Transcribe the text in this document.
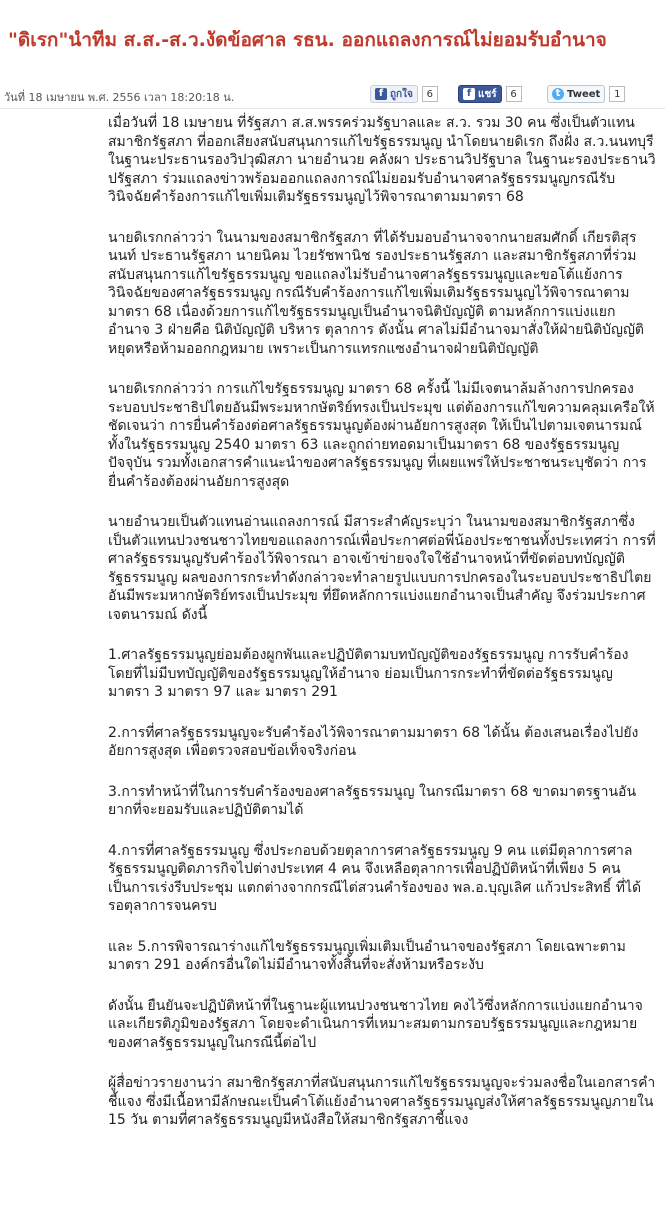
"ดิเรก"นำทีม ส.ส.-ส.ว.งัดข้อศาล รธน. ออกแถลงการณ์ไม่ยอมรับอำนาจ
วันที่ 18 เมษายน พ.ศ. 2556 เวลา 18:20:18 น.	f ถูกใจ	6	f แชร์	6	t Tweet	1

เมื่อวันที่ 18 เมษายน ที่รัฐสภา ส.ส.พรรคร่วมรัฐบาลและ ส.ว. รวม 30 คน ซึ่งเป็นตัวแทนสมาชิกรัฐสภา ที่ออกเสียงสนับสนุนการแก้ไขรัฐธรรมนูญ นำโดยนายดิเรก ถึงฝั่ง ส.ว.นนทบุรี ในฐานะประธานรองวิปวุฒิสภา นายอำนวย คลังผา ประธานวิปรัฐบาล ในฐานะรองประธานวิปรัฐสภา ร่วมแถลงข่าวพร้อมออกแถลงการณ์ไม่ยอมรับอำนาจศาลรัฐธรรมนูญกรณีรับวินิจฉัยคำร้องการแก้ไขเพิ่มเติมรัฐธรรมนูญไว้พิจารณาตามมาตรา 68

นายดิเรกกล่าวว่า ในนามของสมาชิกรัฐสภา ที่ได้รับมอบอำนาจจากนายสมศักดิ์ เกียรติสุรนนท์ ประธานรัฐสภา นายนิคม ไวยรัชพานิช รองประธานรัฐสภา และสมาชิกรัฐสภาที่ร่วมสนับสนุนการแก้ไขรัฐธรรมนูญ ขอแถลงไม่รับอำนาจศาลรัฐธรรมนูญและขอโต้แย้งการวินิจฉัยของศาลรัฐธรรมนูญ กรณีรับคำร้องการแก้ไขเพิ่มเติมรัฐธรรมนูญไว้พิจารณาตามมาตรา 68 เนื่องด้วยการแก้ไขรัฐธรรมนูญเป็นอำนาจนิติบัญญัติ ตามหลักการแบ่งแยกอำนาจ 3 ฝ่ายคือ นิติบัญญัติ บริหาร ตุลาการ ดังนั้น ศาลไม่มีอำนาจมาสั่งให้ฝ่ายนิติบัญญัติหยุดหรือห้ามออกกฎหมาย เพราะเป็นการแทรกแซงอำนาจฝ่ายนิติบัญญัติ

นายดิเรกกล่าวว่า การแก้ไขรัฐธรรมนูญ มาตรา 68 ครั้งนี้ ไม่มีเจตนาล้มล้างการปกครองระบอบประชาธิปไตยอันมีพระมหากษัตริย์ทรงเป็นประมุข แต่ต้องการแก้ไขความคลุมเครือให้ชัดเจนว่า การยื่นคำร้องต่อศาลรัฐธรรมนูญต้องผ่านอัยการสูงสุด ให้เป็นไปตามเจตนารมณ์ ทั้งในรัฐธรรมนูญ 2540 มาตรา 63 และถูกถ่ายทอดมาเป็นมาตรา 68 ของรัฐธรรมนูญปัจจุบัน รวมทั้งเอกสารคำแนะนำของศาลรัฐธรรมนูญ ที่เผยแพร่ให้ประชาชนระบุชัดว่า การยื่นคำร้องต้องผ่านอัยการสูงสุด

นายอำนวยเป็นตัวแทนอ่านแถลงการณ์ มีสาระสำคัญระบุว่า ในนามของสมาชิกรัฐสภาซึ่งเป็นตัวแทนปวงชนชาวไทยขอแถลงการณ์เพื่อประกาศต่อพี่น้องประชาชนทั้งประเทศว่า การที่ศาลรัฐธรรมนูญรับคำร้องไว้พิจารณา อาจเข้าข่ายจงใจใช้อำนาจหน้าที่ขัดต่อบทบัญญัติรัฐธรรมนูญ ผลของการกระทำดังกล่าวจะทำลายรูปแบบการปกครองในระบอบประชาธิปไตยอันมีพระมหากษัตริย์ทรงเป็นประมุข ที่ยึดหลักการแบ่งแยกอำนาจเป็นสำคัญ จึงร่วมประกาศเจตนารมณ์ ดังนี้

1.ศาลรัฐธรรมนูญย่อมต้องผูกพันและปฏิบัติตามบทบัญญัติของรัฐธรรมนูญ การรับคำร้องโดยที่ไม่มีบทบัญญัติของรัฐธรรมนูญให้อำนาจ ย่อมเป็นการกระทำที่ขัดต่อรัฐธรรมนูญ มาตรา 3 มาตรา 97 และ มาตรา 291

2.การที่ศาลรัฐธรรมนูญจะรับคำร้องไว้พิจารณาตามมาตรา 68 ได้นั้น ต้องเสนอเรื่องไปยังอัยการสูงสุด เพื่อตรวจสอบข้อเท็จจริงก่อน

3.การทำหน้าที่ในการรับคำร้องของศาลรัฐธรรมนูญ ในกรณีมาตรา 68 ขาดมาตรฐานอันยากที่จะยอมรับและปฏิบัติตามได้

4.การที่ศาลรัฐธรรมนูญ ซึ่งประกอบด้วยตุลาการศาลรัฐธรรมนูญ 9 คน แต่มีตุลาการศาลรัฐธรรมนูญติดภารกิจไปต่างประเทศ 4 คน จึงเหลือตุลาการเพื่อปฏิบัติหน้าที่เพียง 5 คน เป็นการเร่งรีบประชุม แตกต่างจากกรณีไต่สวนคำร้องของ พล.อ.บุญเลิศ แก้วประสิทธิ์ ที่ได้รอตุลาการจนครบ

และ 5.การพิจารณาร่างแก้ไขรัฐธรรมนูญเพิ่มเติมเป็นอำนาจของรัฐสภา โดยเฉพาะตามมาตรา 291 องค์กรอื่นใดไม่มีอำนาจทั้งสิ้นที่จะสั่งห้ามหรือระงับ

ดังนั้น ยืนยันจะปฏิบัติหน้าที่ในฐานะผู้แทนปวงชนชาวไทย คงไว้ซึ่งหลักการแบ่งแยกอำนาจและเกียรติภูมิของรัฐสภา โดยจะดำเนินการที่เหมาะสมตามกรอบรัฐธรรมนูญและกฎหมายของศาลรัฐธรรมนูญในกรณีนี้ต่อไป

ผู้สื่อข่าวรายงานว่า สมาชิกรัฐสภาที่สนับสนุนการแก้ไขรัฐธรรมนูญจะร่วมลงชื่อในเอกสารคำชี้แจง ซึ่งมีเนื้อหามีลักษณะเป็นคำโต้แย้งอำนาจศาลรัฐธรรมนูญส่งให้ศาลรัฐธรรมนูญภายใน 15 วัน ตามที่ศาลรัฐธรรมนูญมีหนังสือให้สมาชิกรัฐสภาชี้แจง
